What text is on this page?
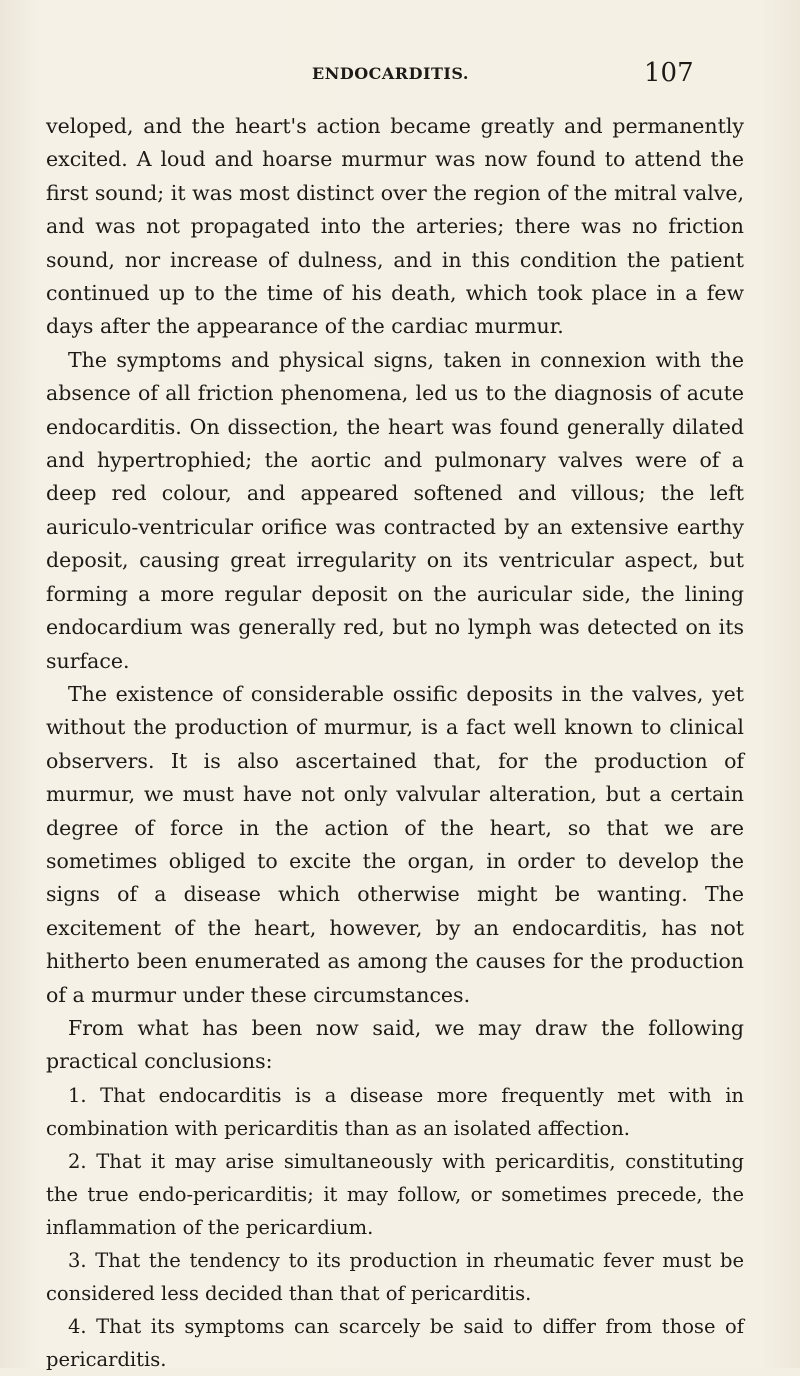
ENDOCARDITIS.	107

veloped, and the heart's action became greatly and permanently excited. A loud and hoarse murmur was now found to attend the first sound; it was most distinct over the region of the mitral valve, and was not propagated into the arteries; there was no friction sound, nor increase of dulness, and in this condition the patient continued up to the time of his death, which took place in a few days after the appearance of the cardiac murmur.

The symptoms and physical signs, taken in connexion with the absence of all friction phenomena, led us to the diagnosis of acute endocarditis. On dissection, the heart was found generally dilated and hypertrophied; the aortic and pulmonary valves were of a deep red colour, and appeared softened and villous; the left auriculo-ventricular orifice was contracted by an extensive earthy deposit, causing great irregularity on its ventricular aspect, but forming a more regular deposit on the auricular side, the lining endocardium was generally red, but no lymph was detected on its surface.

The existence of considerable ossific deposits in the valves, yet without the production of murmur, is a fact well known to clinical observers. It is also ascertained that, for the production of murmur, we must have not only valvular alteration, but a certain degree of force in the action of the heart, so that we are sometimes obliged to excite the organ, in order to develop the signs of a disease which otherwise might be wanting. The excitement of the heart, however, by an endocarditis, has not hitherto been enumerated as among the causes for the production of a murmur under these circumstances.

From what has been now said, we may draw the following practical conclusions:

1. That endocarditis is a disease more frequently met with in combination with pericarditis than as an isolated affection.

2. That it may arise simultaneously with pericarditis, constituting the true endo-pericarditis; it may follow, or sometimes precede, the inflammation of the pericardium.

3. That the tendency to its production in rheumatic fever must be considered less decided than that of pericarditis.

4. That its symptoms can scarcely be said to differ from those of pericarditis.
